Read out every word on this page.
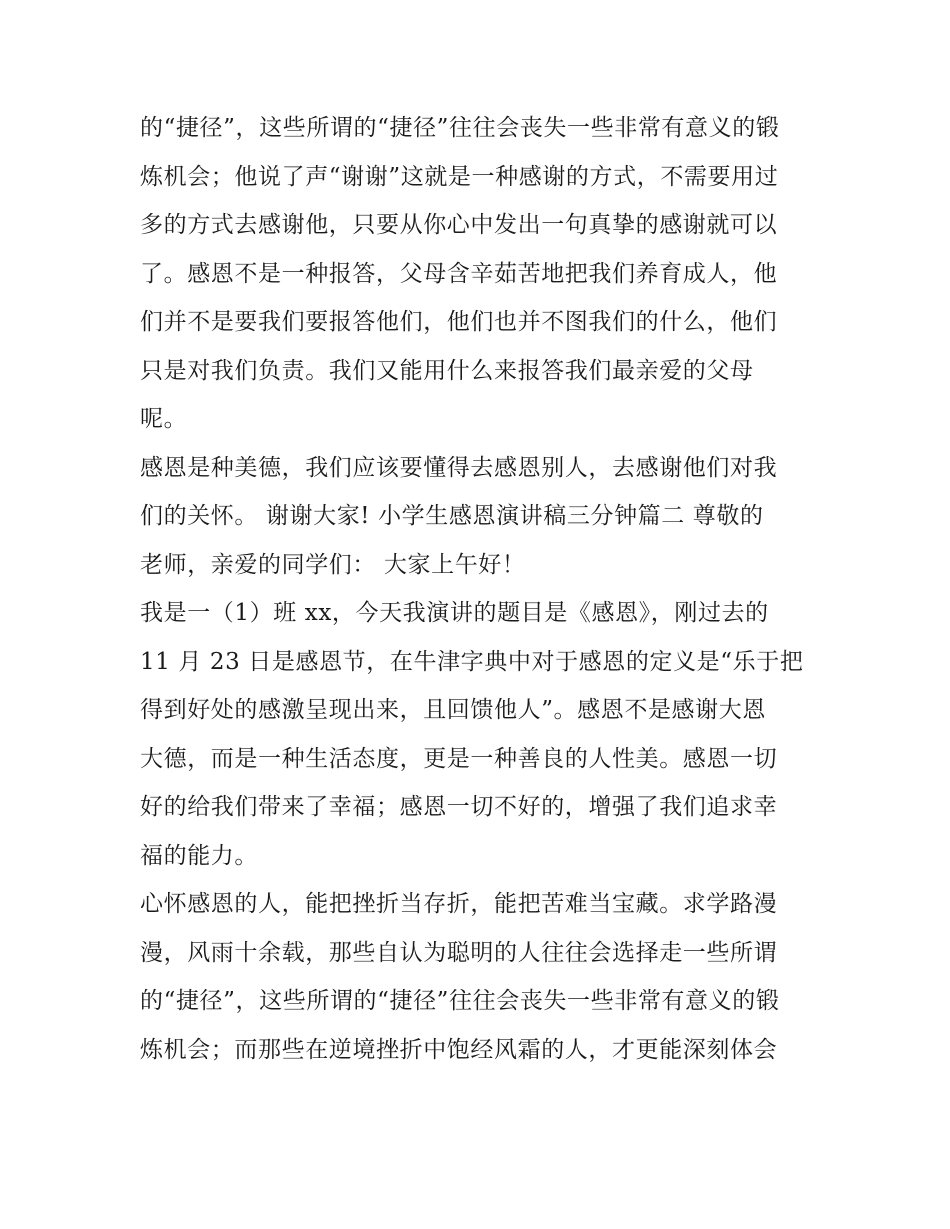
的“捷径”，这些所谓的“捷径”往往会丧失一些非常有意义的锻
炼机会；他说了声“谢谢”这就是一种感谢的方式，不需要用过
多的方式去感谢他，只要从你心中发出一句真挚的感谢就可以
了。感恩不是一种报答，父母含辛茹苦地把我们养育成人，他
们并不是要我们要报答他们，他们也并不图我们的什么，他们
只是对我们负责。我们又能用什么来报答我们最亲爱的父母
呢。
感恩是种美德，我们应该要懂得去感恩别人，去感谢他们对我
们的关怀。 谢谢大家! 小学生感恩演讲稿三分钟篇二 尊敬的
老师，亲爱的同学们： 大家上午好！
我是一（1）班 xx，今天我演讲的题目是《感恩》，刚过去的
11 月 23 日是感恩节，在牛津字典中对于感恩的定义是“乐于把
得到好处的感激呈现出来，且回馈他人”。感恩不是感谢大恩
大德，而是一种生活态度，更是一种善良的人性美。感恩一切
好的给我们带来了幸福；感恩一切不好的，增强了我们追求幸
福的能力。
心怀感恩的人，能把挫折当存折，能把苦难当宝藏。求学路漫
漫，风雨十余载，那些自认为聪明的人往往会选择走一些所谓
的“捷径”，这些所谓的“捷径”往往会丧失一些非常有意义的锻
炼机会；而那些在逆境挫折中饱经风霜的人，才更能深刻体会
